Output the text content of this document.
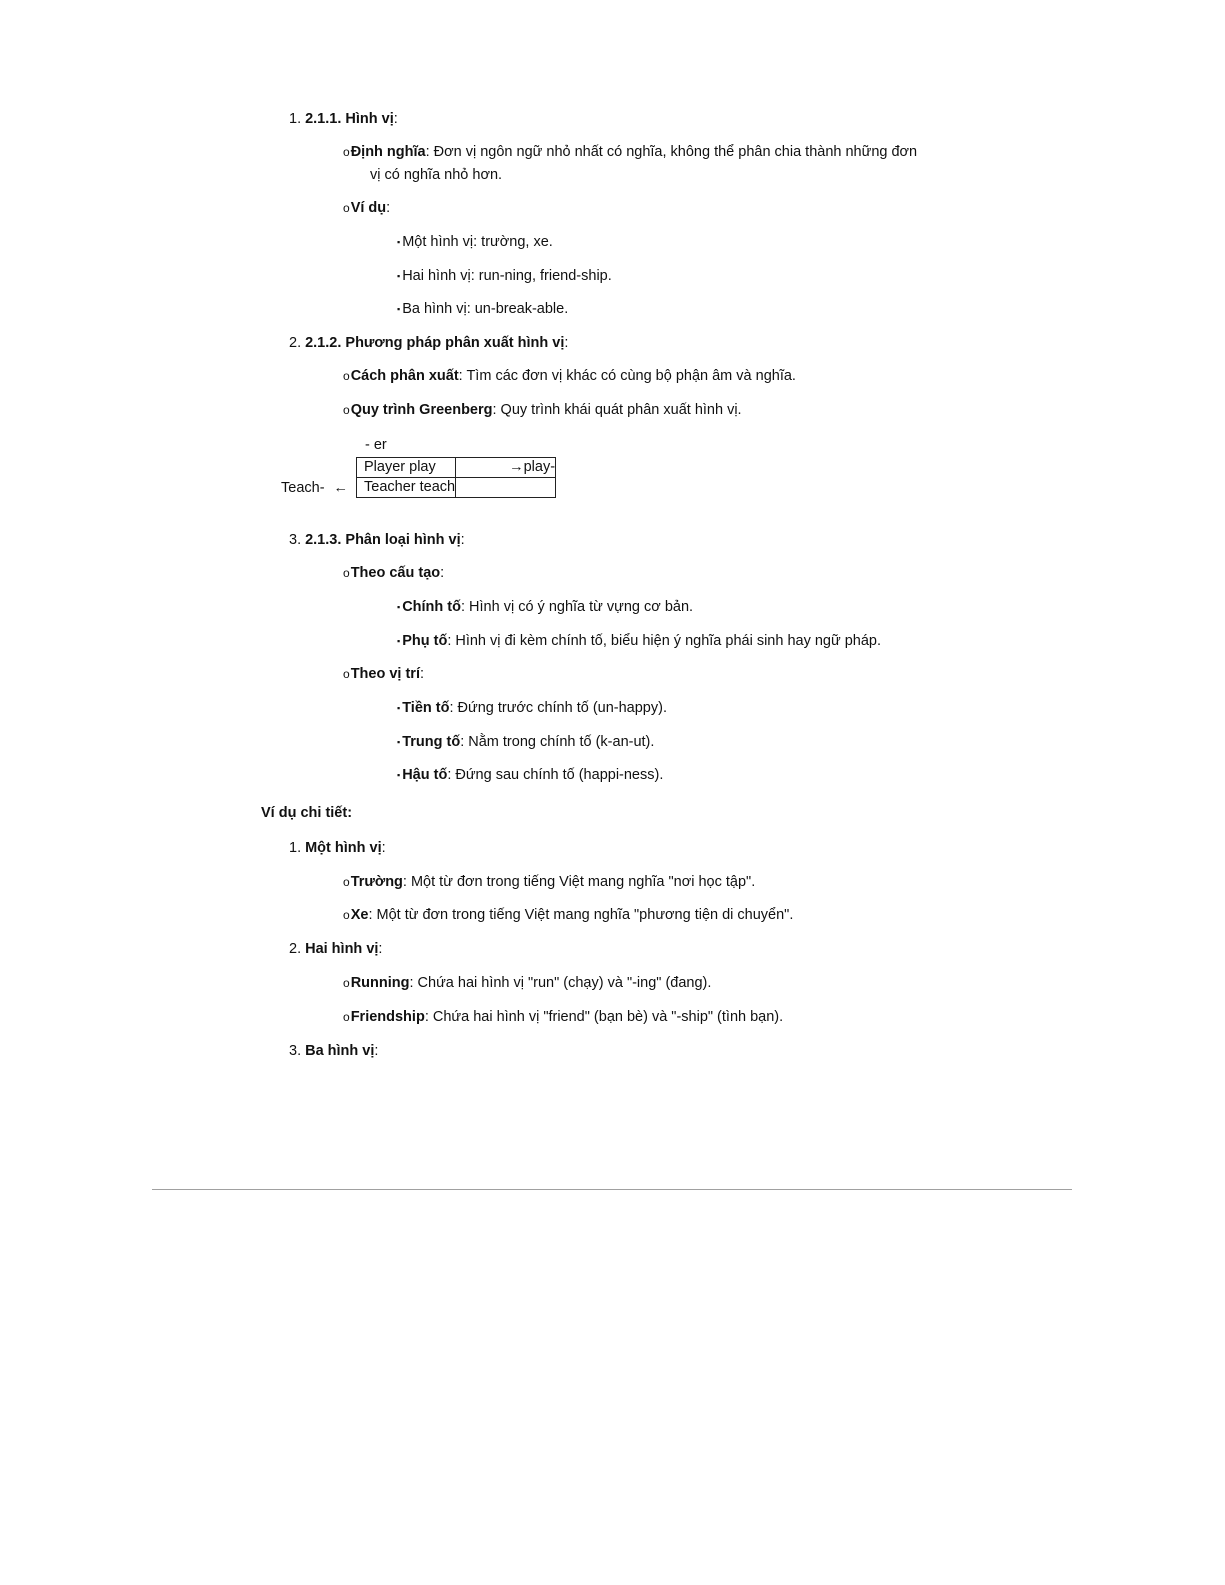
1. 2.1.1. Hình vị:
oĐịnh nghĩa: Đơn vị ngôn ngữ nhỏ nhất có nghĩa, không thể phân chia thành những đơn
vị có nghĩa nhỏ hơn.
oVí dụ:
▪ Một hình vị: trường, xe.
▪ Hai hình vị: run-ning, friend-ship.
▪ Ba hình vị: un-break-able.
2. 2.1.2. Phương pháp phân xuất hình vị:
oCách phân xuất: Tìm các đơn vị khác có cùng bộ phận âm và nghĩa.
oQuy trình Greenberg: Quy trình khái quát phân xuất hình vị.
- er
Player play	→play-
Teacher teach	
Teach- ←
3. 2.1.3. Phân loại hình vị:
oTheo cấu tạo:
▪ Chính tố: Hình vị có ý nghĩa từ vựng cơ bản.
▪ Phụ tố: Hình vị đi kèm chính tố, biểu hiện ý nghĩa phái sinh hay ngữ pháp.
oTheo vị trí:
▪ Tiền tố: Đứng trước chính tố (un-happy).
▪ Trung tố: Nằm trong chính tố (k-an-ut).
▪ Hậu tố: Đứng sau chính tố (happi-ness).
Ví dụ chi tiết:
1. Một hình vị:
oTrường: Một từ đơn trong tiếng Việt mang nghĩa "nơi học tập".
oXe: Một từ đơn trong tiếng Việt mang nghĩa "phương tiện di chuyển".
2. Hai hình vị:
oRunning: Chứa hai hình vị "run" (chạy) và "-ing" (đang).
oFriendship: Chứa hai hình vị "friend" (bạn bè) và "-ship" (tình bạn).
3. Ba hình vị:
